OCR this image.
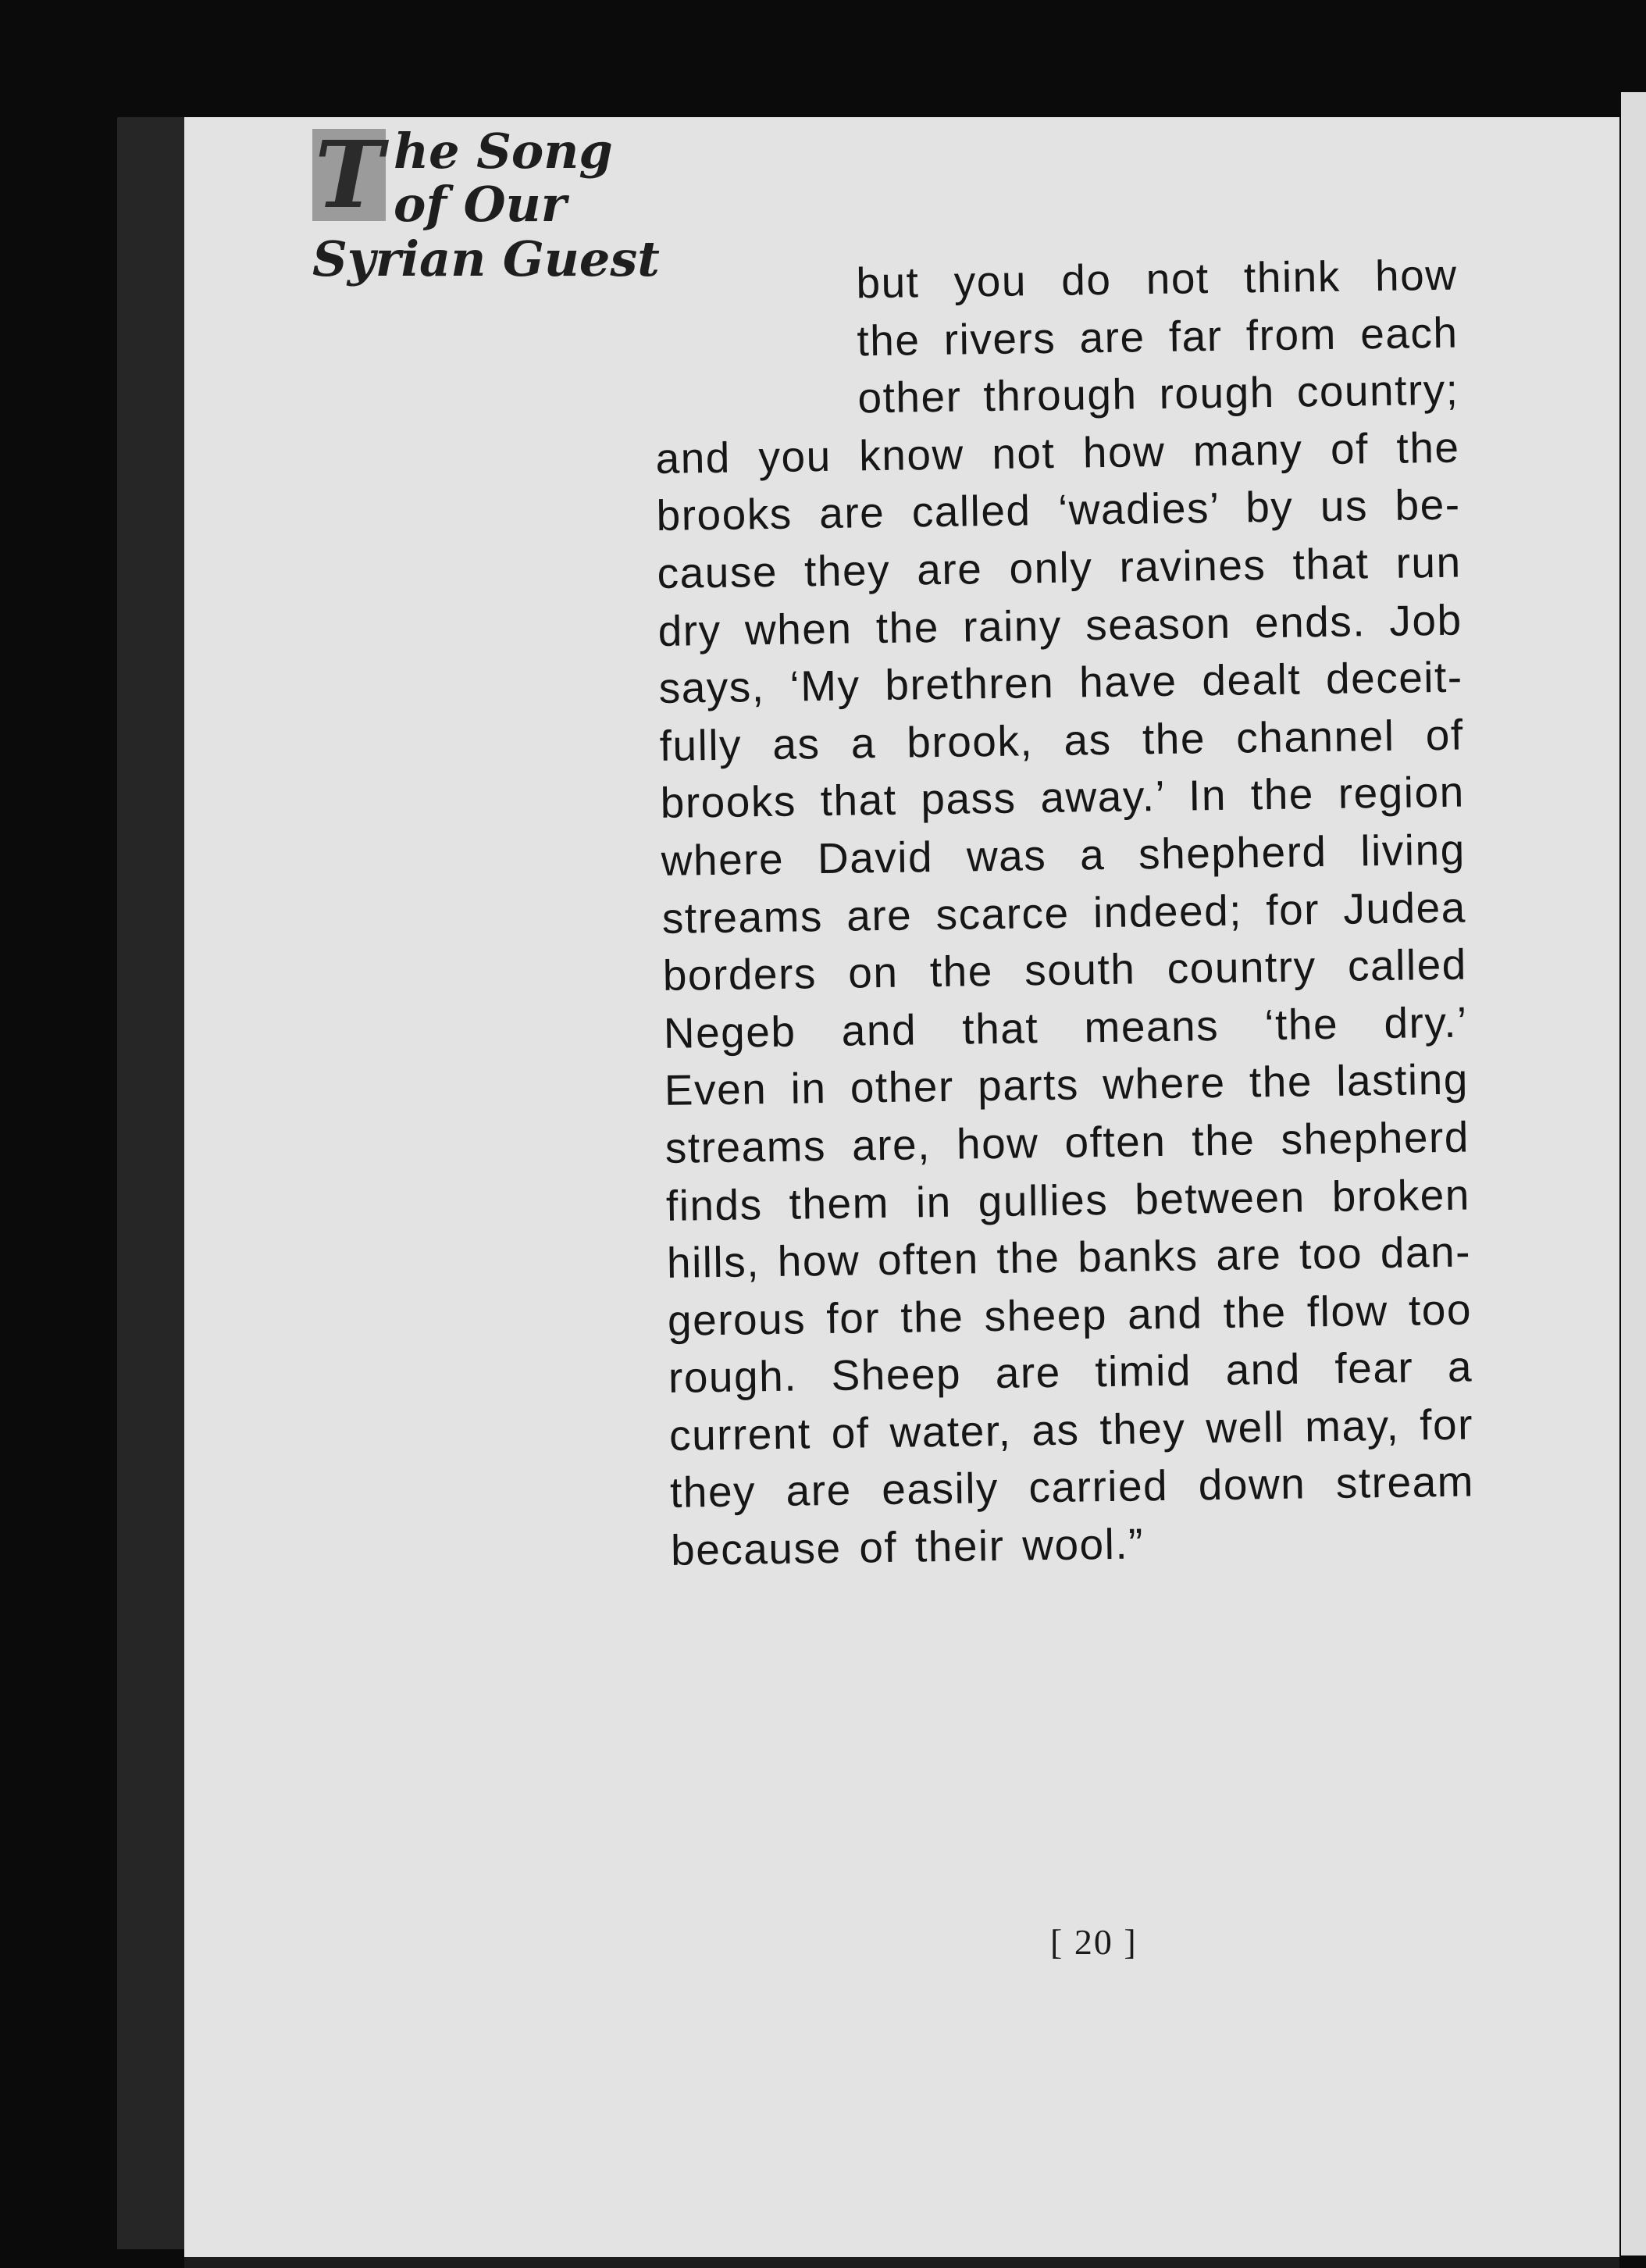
T he Song
of Our
Syrian Guest	but you do not think how
the rivers are far from each
other through rough country;
and you know not how many of the
brooks are called ‘wadies’ by us be-
cause they are only ravines that run
dry when the rainy season ends. Job
says, ‘My brethren have dealt deceit-
fully as a brook, as the channel of
brooks that pass away.’ In the region
where David was a shepherd living
streams are scarce indeed; for Judea
borders on the south country called
Negeb and that means ‘the dry.’
Even in other parts where the lasting
streams are, how often the shepherd
finds them in gullies between broken
hills, how often the banks are too dan-
gerous for the sheep and the flow too
rough. Sheep are timid and fear a
current of water, as they well may, for
they are easily carried down stream
because of their wool.”
[ 20 ]
